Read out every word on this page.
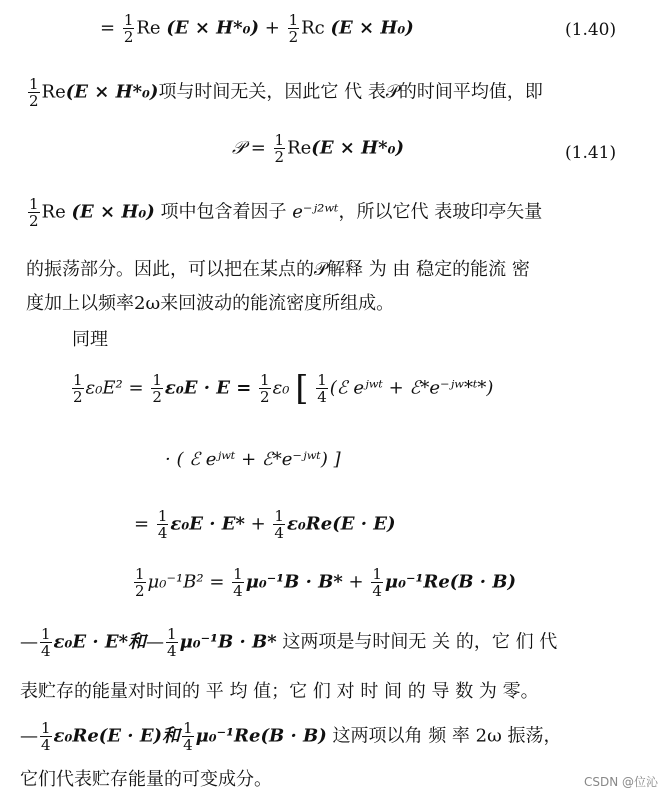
= $\frac{1}{2}$ Re $(E \times H*_0) + \frac{1}{2}$ Rc (E × H₀)	(1.40)
$\frac{1}{2} Re(E \times H*_0)$项与时间无关，因此它 代 表𝒫的时间平均值，即
𝒫 = $\frac{1}{2} Re(E \times H*_0)$	(1.41)
$\frac{1}{2}$ Re (E × H₀) 项中包含着因子 e⁻ʲ²ʷᵗ，所以它代 表玻印亭矢量
的振荡部分。因此，可以把在某点的𝒫解释 为 由 稳定的能流 密
度加上以频率2ω来回波动的能流密度所组成。
同理
$\frac{1}{2} \varepsilon_0E^2 = \frac{1}{2} \varepsilon_0E \cdot E = \frac{1}{2} \varepsilon_0$ [ $\frac{1}{4}$ (ℰ eʲʷᵗ + ℰ*e⁻ʲʷ*ᵗ*)
· ( ℰ eʲʷᵗ + ℰ*e⁻ʲʷᵗ) ]
= $\frac{1}{4} \varepsilon_0E \cdot E* + \frac{1}{4} \varepsilon_0Re(E \cdot E)$
$\frac{1}{2} \mu_0^{-1}B^2 = \frac{1}{4} \mu_0^{-1}B \cdot B* + \frac{1}{4} \mu_0^{-1}Re(B \cdot B)$
— $\frac{1}{4} \varepsilon_0E \cdot E*$和— $\frac{1}{4} \mu_0^{-1}B \cdot B*$ 这两项是与时间无 关 的，它 们 代
表贮存的能量对时间的 平 均 值；它 们 对 时 间 的 导 数 为 零。
— $\frac{1}{4} \varepsilon_0Re(E \cdot E)$和 $\frac{1}{4} \mu_0^{-1}Re(B \cdot B)$ 这两项以角 频 率 2ω 振荡，
它们代表贮存能量的可变成分。	CSDN @位沁
